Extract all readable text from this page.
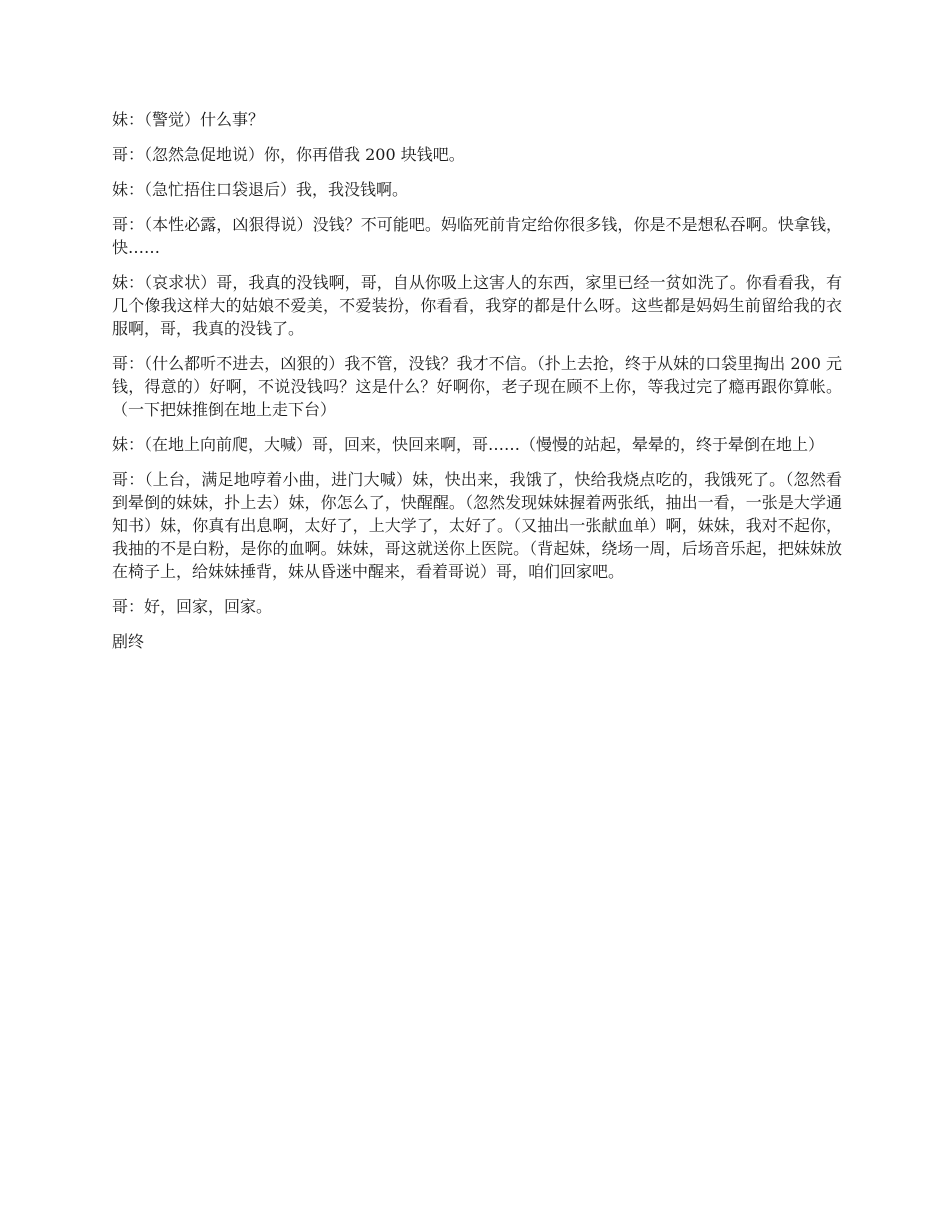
妹：（警觉）什么事？

哥：（忽然急促地说）你，你再借我 200 块钱吧。

妹：（急忙捂住口袋退后）我，我没钱啊。

哥：（本性必露，凶狠得说）没钱？不可能吧。妈临死前肯定给你很多钱，你是不是想私吞啊。快拿钱，快……

妹：（哀求状）哥，我真的没钱啊，哥，自从你吸上这害人的东西，家里已经一贫如洗了。你看看我，有几个像我这样大的姑娘不爱美，不爱装扮，你看看，我穿的都是什么呀。这些都是妈妈生前留给我的衣服啊，哥，我真的没钱了。

哥：（什么都听不进去，凶狠的）我不管，没钱？我才不信。（扑上去抢，终于从妹的口袋里掏出 200 元钱，得意的）好啊，不说没钱吗？这是什么？好啊你，老子现在顾不上你，等我过完了瘾再跟你算帐。（一下把妹推倒在地上走下台）

妹：（在地上向前爬，大喊）哥，回来，快回来啊，哥……（慢慢的站起，晕晕的，终于晕倒在地上）

哥：（上台，满足地哼着小曲，进门大喊）妹，快出来，我饿了，快给我烧点吃的，我饿死了。（忽然看到晕倒的妹妹，扑上去）妹，你怎么了，快醒醒。（忽然发现妹妹握着两张纸，抽出一看，一张是大学通知书）妹，你真有出息啊，太好了，上大学了，太好了。（又抽出一张献血单）啊，妹妹，我对不起你，我抽的不是白粉，是你的血啊。妹妹，哥这就送你上医院。（背起妹，绕场一周，后场音乐起，把妹妹放在椅子上，给妹妹捶背，妹从昏迷中醒来，看着哥说）哥，咱们回家吧。

哥：好，回家，回家。

剧终
